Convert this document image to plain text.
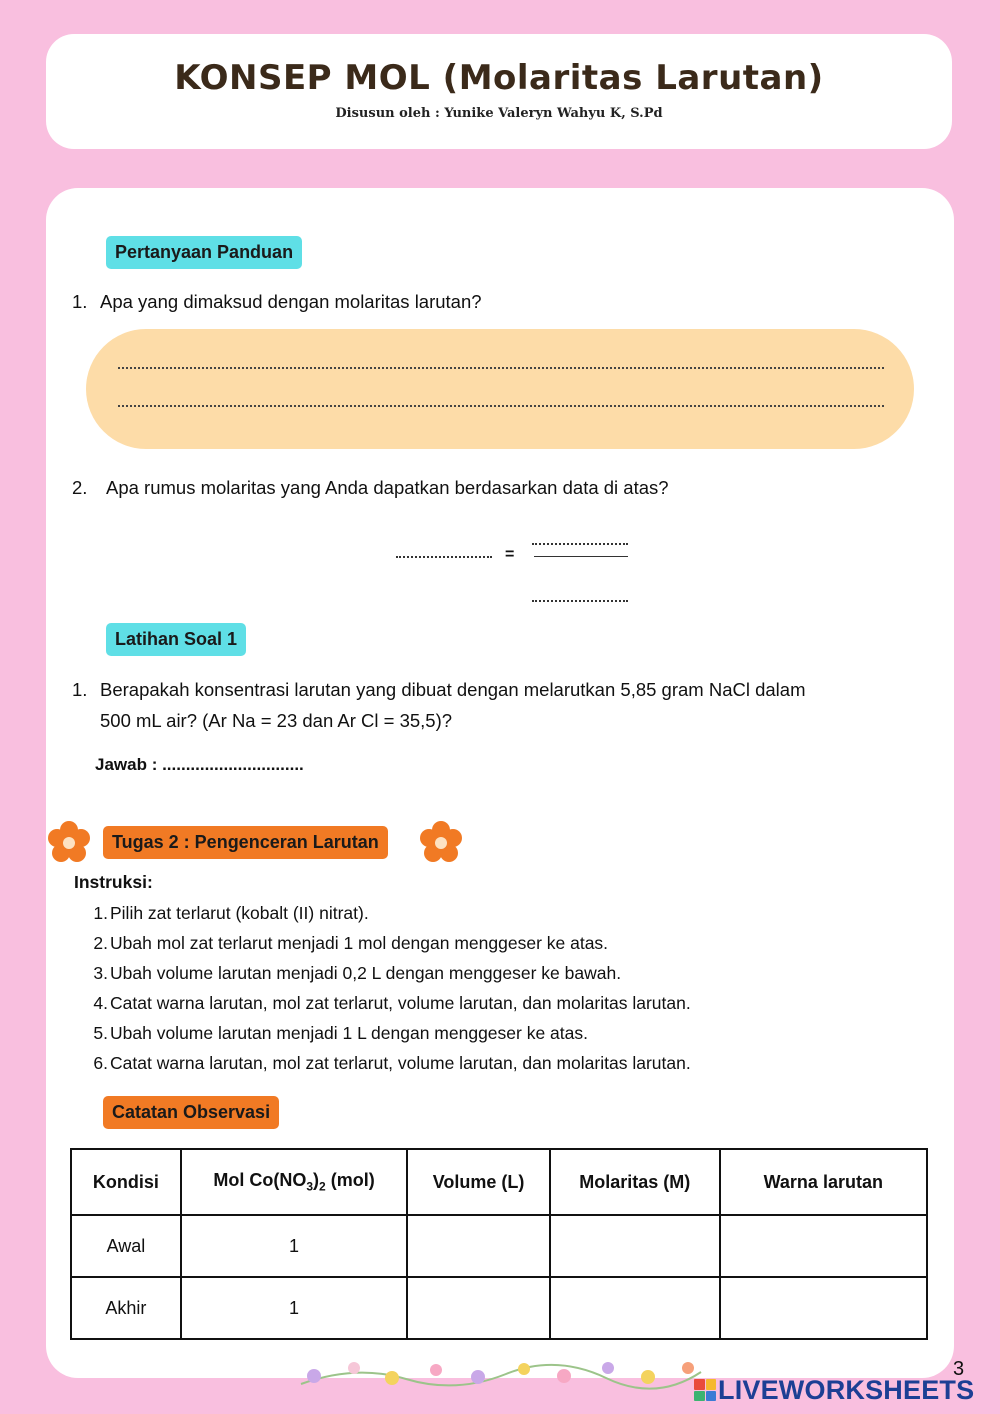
KONSEP MOL (Molaritas Larutan)
Disusun oleh : Yunike Valeryn Wahyu K, S.Pd
Pertanyaan Panduan
1. Apa yang dimaksud dengan molaritas larutan?
2. Apa rumus molaritas yang Anda dapatkan berdasarkan data di atas?
=
Latihan Soal 1
1. Berapakah konsentrasi larutan yang dibuat dengan melarutkan 5,85 gram NaCl dalam
500 mL air? (Ar Na = 23 dan Ar Cl = 35,5)?
Jawab : ..............................
Tugas 2 : Pengenceran Larutan
Instruksi:
1. Pilih zat terlarut (kobalt (II) nitrat).
2. Ubah mol zat terlarut menjadi 1 mol dengan menggeser ke atas.
3. Ubah volume larutan menjadi 0,2 L dengan menggeser ke bawah.
4. Catat warna larutan, mol zat terlarut, volume larutan, dan molaritas larutan.
5. Ubah volume larutan menjadi 1 L dengan menggeser ke atas.
6. Catat warna larutan, mol zat terlarut, volume larutan, dan molaritas larutan.
Catatan Observasi
Kondisi	Mol $Co(NO_3)_2$ (mol)	Volume (L)	Molaritas (M)	Warna larutan
Awal	1			
Akhir	1			
3
LIVEWORKSHEETS
